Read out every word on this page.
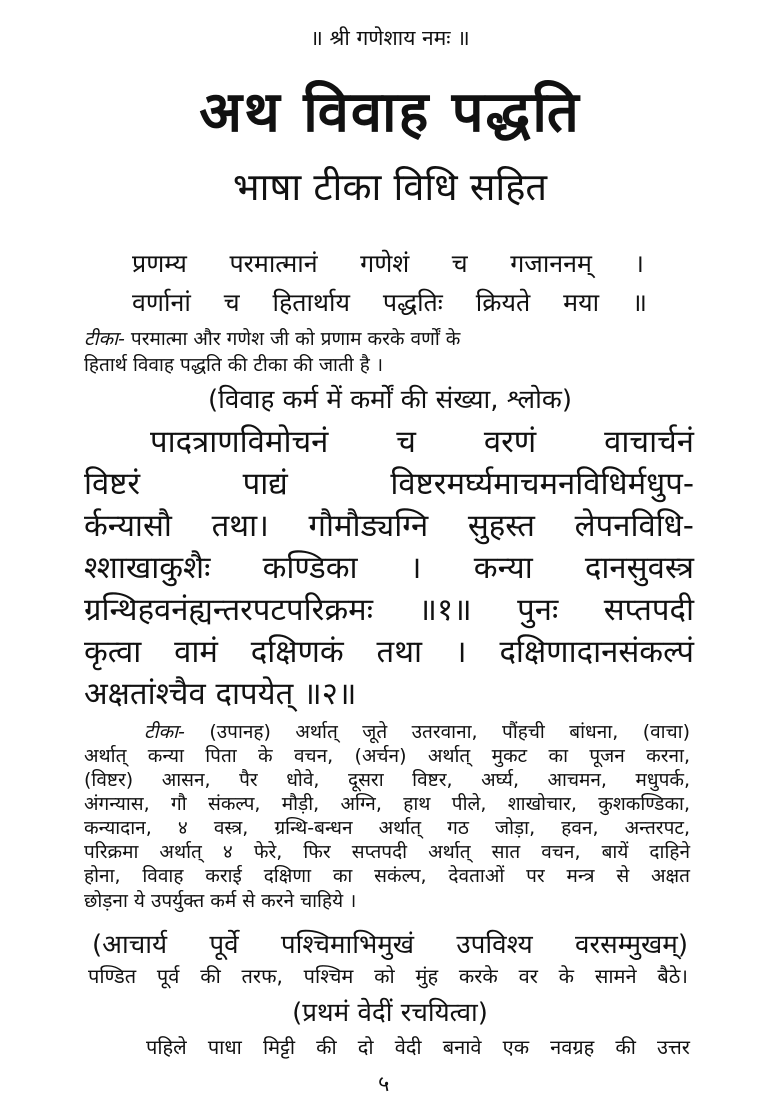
॥ श्री गणेशाय नमः ॥
अथ विवाह पद्धति
भाषा टीका विधि सहित
प्रणम्य परमात्मानं गणेशं च गजाननम् ।
वर्णानां च हितार्थाय पद्धतिः क्रियते मया ॥
टीका- परमात्मा और गणेश जी को प्रणाम करके वर्णों के
हितार्थ विवाह पद्धति की टीका की जाती है ।
(विवाह कर्म में कर्मों की संख्या, श्लोक)
पादत्राणविमोचनं च वरणं वाचार्चनं
विष्टरं पाद्यं विष्टरमर्घ्यमाचमनविधिर्मधुप-
र्कन्यासौ तथा। गौमौड्यग्नि सुहस्त लेपनविधि-
श्शाखाकुशैः कण्डिका । कन्या दानसुवस्त्र
ग्रन्थिहवनंह्यन्तरपटपरिक्रमः ॥१॥ पुनः सप्तपदी
कृत्वा वामं दक्षिणकं तथा । दक्षिणादानसंकल्पं
अक्षतांश्चैव दापयेत् ॥२॥
टीका- (उपानह) अर्थात् जूते उतरवाना, पौंहची बांधना, (वाचा)
अर्थात् कन्या पिता के वचन, (अर्चन) अर्थात् मुकट का पूजन करना,
(विष्टर) आसन, पैर धोवे, दूसरा विष्टर, अर्घ्य, आचमन, मधुपर्क,
अंगन्यास, गौ संकल्प, मौड़ी, अग्नि, हाथ पीले, शाखोचार, कुशकण्डिका,
कन्यादान, ४ वस्त्र, ग्रन्थि-बन्धन अर्थात् गठ जोड़ा, हवन, अन्तरपट,
परिक्रमा अर्थात् ४ फेरे, फिर सप्तपदी अर्थात् सात वचन, बायें दाहिने
होना, विवाह कराई दक्षिणा का सकंल्प, देवताओं पर मन्त्र से अक्षत
छोड़ना ये उपर्युक्त कर्म से करने चाहिये ।
(आचार्य पूर्वे पश्चिमाभिमुखं उपविश्य वरसम्मुखम्)
पण्डित पूर्व की तरफ, पश्चिम को मुंह करके वर के सामने बैठे।
(प्रथमं वेदीं रचयित्वा)
पहिले पाधा मिट्टी की दो वेदी बनावे एक नवग्रह की उत्तर
५
